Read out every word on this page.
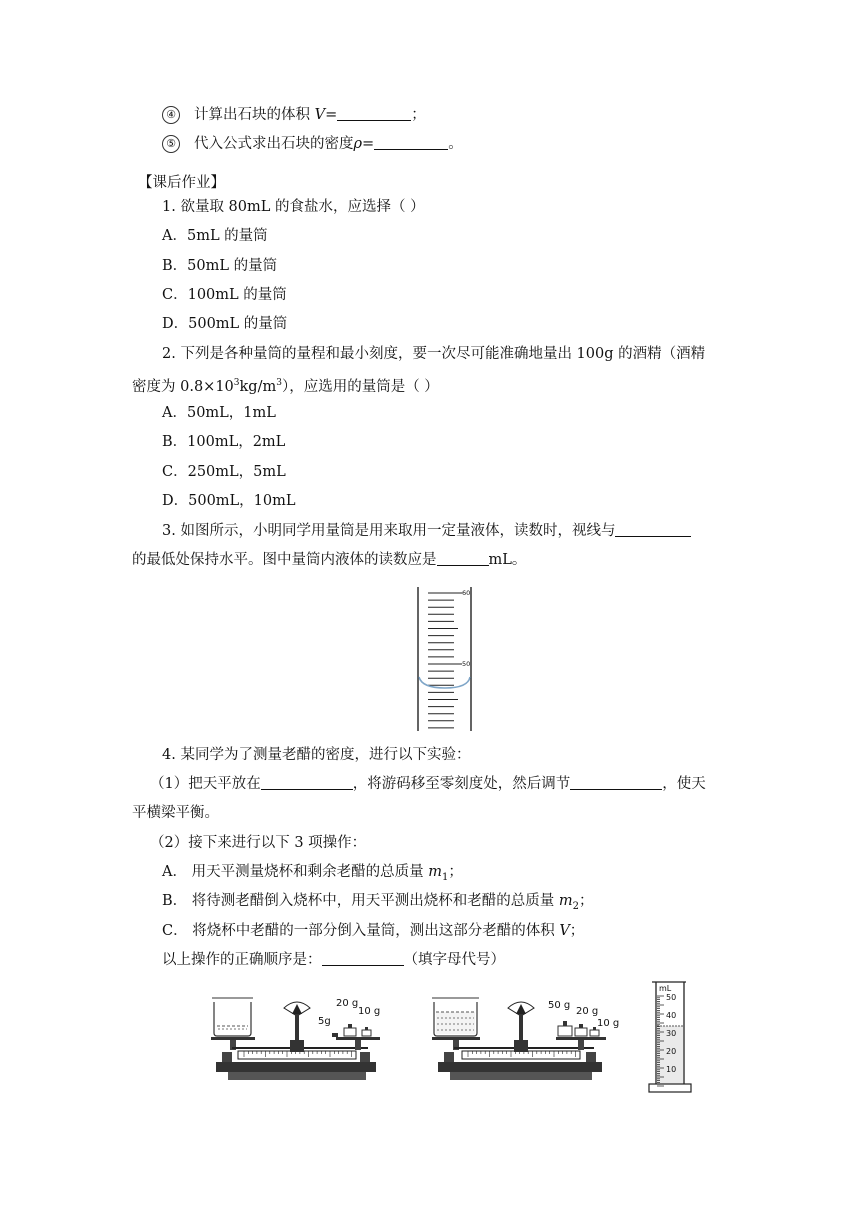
④ 计算出石块的体积 V=	；
⑤ 代入公式求出石块的密度ρ=	。
【课后作业】
1. 欲量取 80mL 的食盐水，应选择（ ）
A．5mL 的量筒
B．50mL 的量筒
C．100mL 的量筒
D．500mL 的量筒
2. 下列是各种量筒的量程和最小刻度，要一次尽可能准确地量出 100g 的酒精（酒精
密度为 $0.8\times 10^3kg/m^3$），应选用的量筒是（ ）
A．50mL，1mL
B．100mL，2mL
C．250mL，5mL
D．500mL，10mL
3. 如图所示，小明同学用量筒是用来取用一定量液体，读数时，视线与
的最低处保持水平。图中量筒内液体的读数应是	mL。
60
50
4. 某同学为了测量老醋的密度，进行以下实验：
（1）把天平放在	，将游码移至零刻度处，然后调节	，使天
平横梁平衡。
（2）接下来进行以下 3 项操作：
A． 用天平测量烧杯和剩余老醋的总质量 $m_1$；
B． 将待测老醋倒入烧杯中，用天平测出烧杯和老醋的总质量 $m_2$；
C． 将烧杯中老醋的一部分倒入量筒，测出这部分老醋的体积 V；
以上操作的正确顺序是：	（填字母代号）
20 g
10 g
5g
50 g
20 g
10 g
mL
50
40
30
20
10
